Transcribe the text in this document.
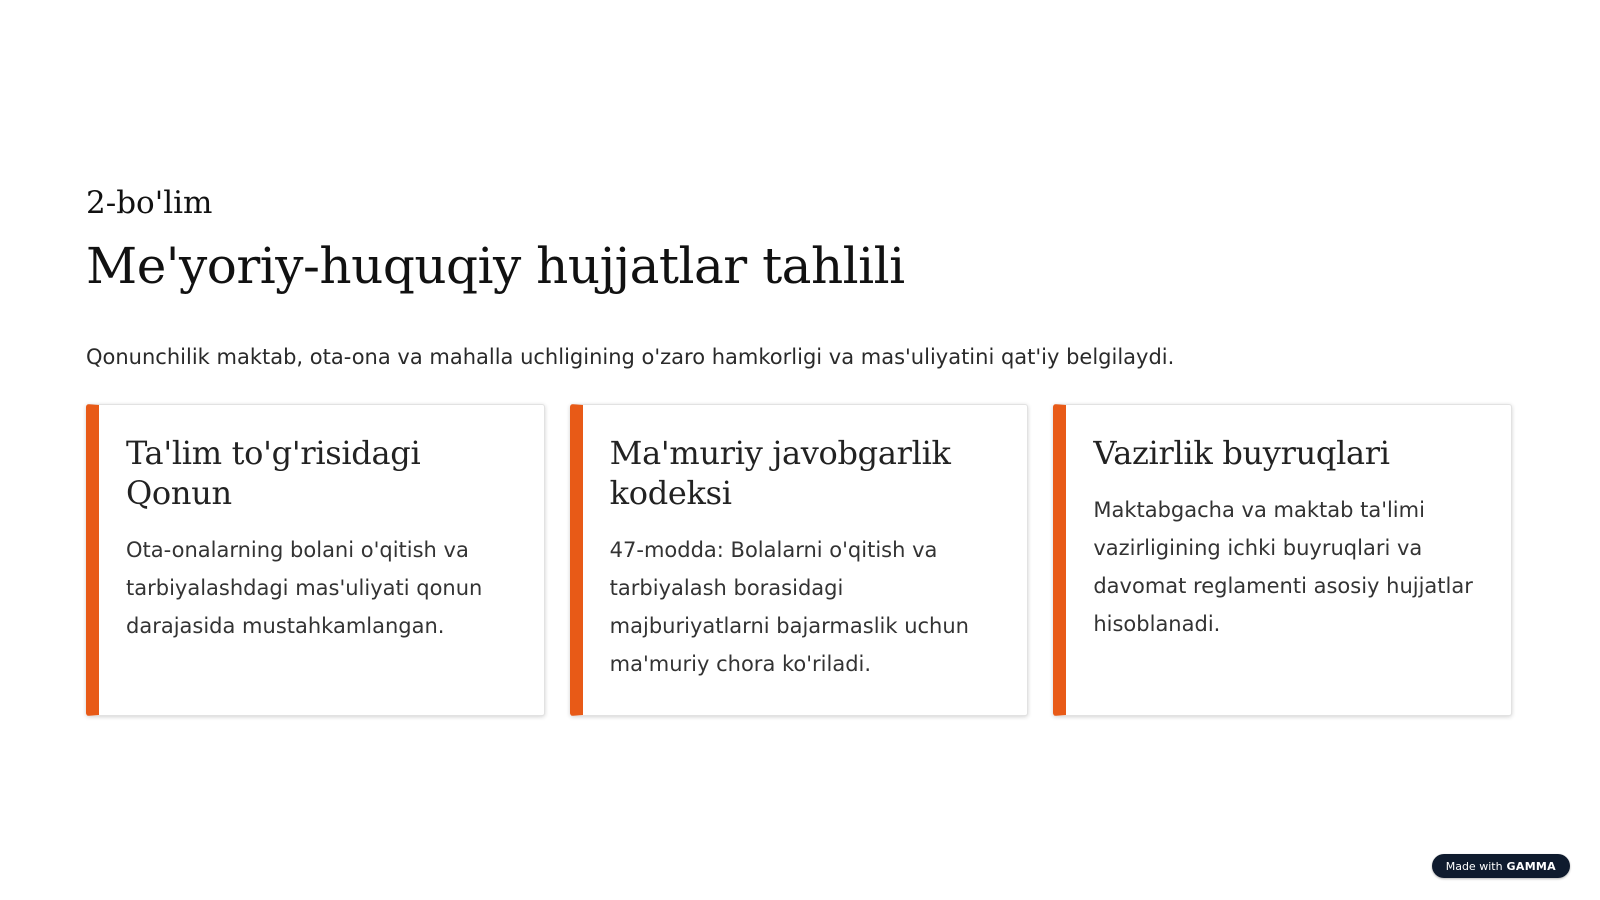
2-bo'lim

Me'yoriy-huquqiy hujjatlar tahlili

Qonunchilik maktab, ota-ona va mahalla uchligining o'zaro hamkorligi va mas'uliyatini qat'iy belgilaydi.

Ta'lim to'g'risidagi Qonun

Ota-onalarning bolani o'qitish va tarbiyalashdagi mas'uliyati qonun darajasida mustahkamlangan.

Ma'muriy javobgarlik kodeksi

47-modda: Bolalarni o'qitish va tarbiyalash borasidagi majburiyatlarni bajarmaslik uchun ma'muriy chora ko'riladi.

Vazirlik buyruqlari

Maktabgacha va maktab ta'limi vazirligining ichki buyruqlari va davomat reglamenti asosiy hujjatlar hisoblanadi.

Made with GAMMA
